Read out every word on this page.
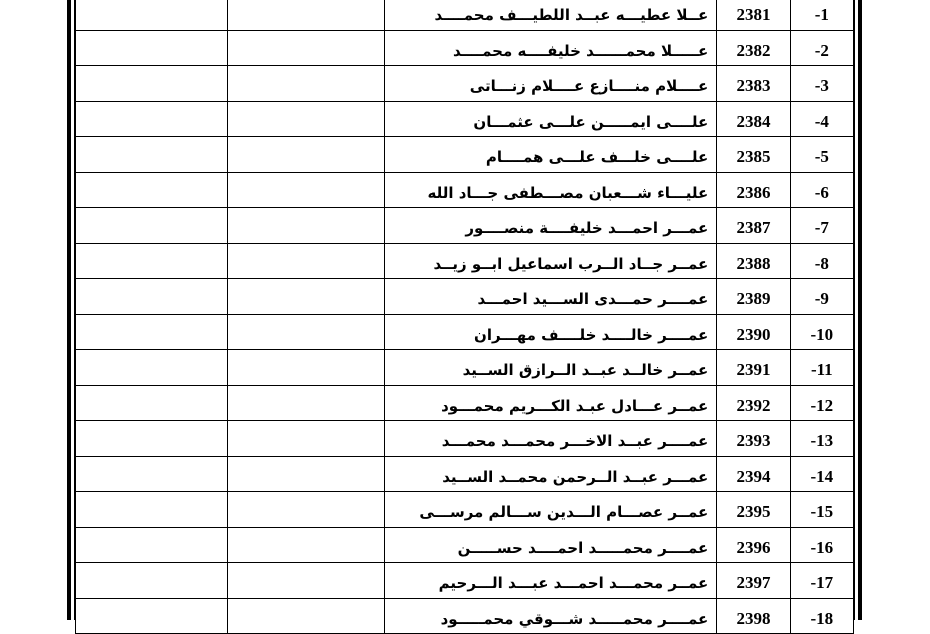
		عــلا عطيـــه عبــد اللطيـــف محمــــد	2381	-1
		عـــــلا محمــــــد خليفــــه محمــــد	2382	-2
		عــــلام منــــازع عــــلام زنـــاتى	2383	-3
		علــــى ايمـــــن علـــى عثمـــان	2384	-4
		علــــى خلـــف علـــى همــــام	2385	-5
		عليـــاء شـــعبان مصـــطفى جـــاد الله	2386	-6
		عمـــر احمـــد خليفــــة منصــــور	2387	-7
		عمــر جــاد الــرب اسماعيل ابــو زيــد	2388	-8
		عمــــر حمـــدى الســـيد احمـــد	2389	-9
		عمــــر خالــــد خلــــف مهـــران	2390	-10
		عمــر خالــد عبــد الــرازق الســيد	2391	-11
		عمــر عـــادل عبـد الكـــريم محمـــود	2392	-12
		عمــــر عبــد الاخـــر محمـــد محمـــد	2393	-13
		عمـــر عبــد الــرحمن محمــد الســيد	2394	-14
		عمــر عصـــام الـــدين ســـالم مرســـى	2395	-15
		عمــــر محمـــــد احمــــد حســـــن	2396	-16
		عمــر محمـــد احمـــد عبـــد الـــرحيم	2397	-17
		عمــــر محمـــــد شـــوقي محمـــــود	2398	-18
